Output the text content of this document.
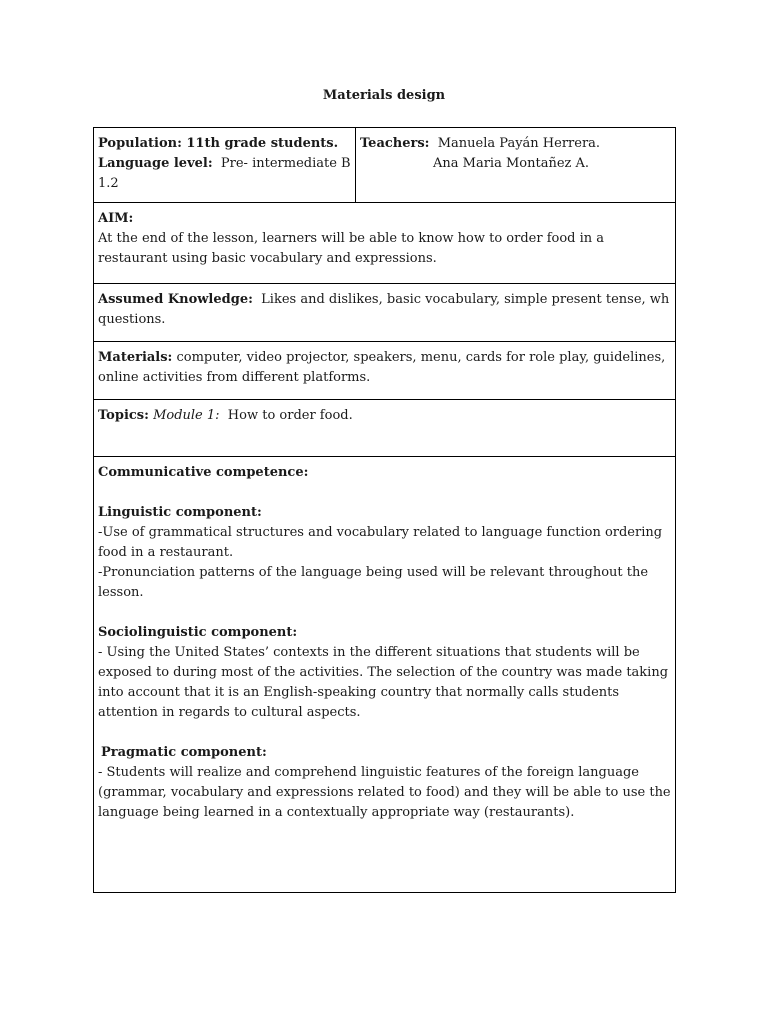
Materials design
Population: 11th grade students.
Language level: Pre- intermediate B 1.2

Teachers: Manuela Payán Herrera.
Ana Maria Montañez A.

AIM:
At the end of the lesson, learners will be able to know how to order food in a restaurant using basic vocabulary and expressions.

Assumed Knowledge: Likes and dislikes, basic vocabulary, simple present tense, wh questions.
Materials: computer, video projector, speakers, menu, cards for role play, guidelines, online activities from different platforms.
Topics: Module 1: How to order food.

Communicative competence:
Linguistic component:
-Use of grammatical structures and vocabulary related to language function ordering food in a restaurant.
-Pronunciation patterns of the language being used will be relevant throughout the lesson.
Sociolinguistic component:
- Using the United States’ contexts in the different situations that students will be exposed to during most of the activities. The selection of the country was made taking into account that it is an English-speaking country that normally calls students attention in regards to cultural aspects.
Pragmatic component:
- Students will realize and comprehend linguistic features of the foreign language (grammar, vocabulary and expressions related to food) and they will be able to use the language being learned in a contextually appropriate way (restaurants).
